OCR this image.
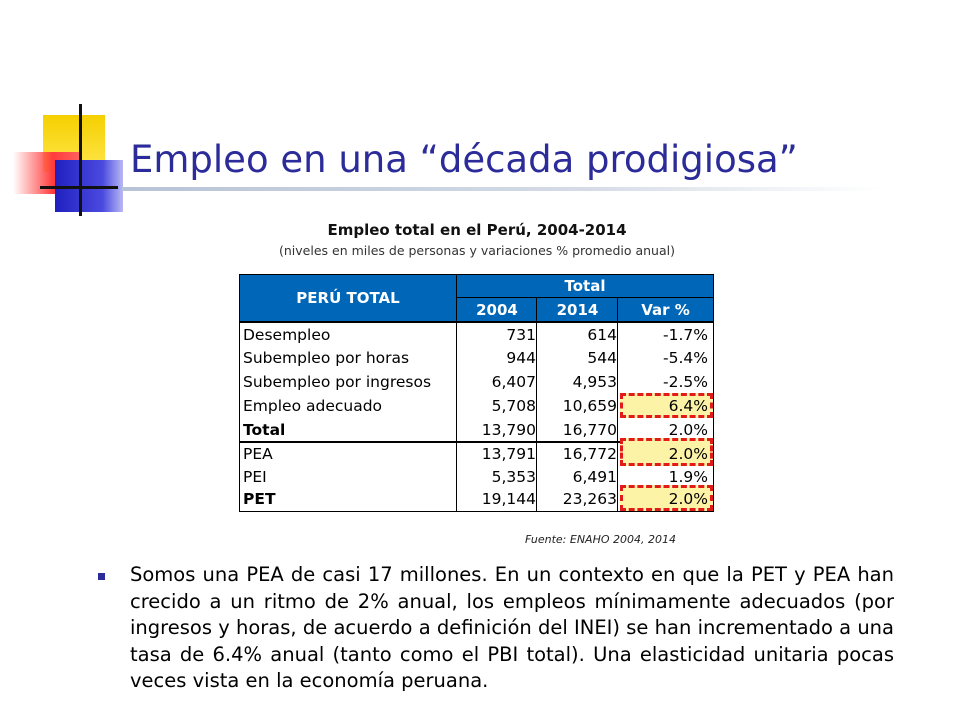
Empleo en una “década prodigiosa”
Empleo total en el Perú, 2004-2014
(niveles en miles de personas y variaciones % promedio anual)
PERÚ TOTAL
Total
2004	2014	Var %
Desempleo	731	614	-1.7%
Subempleo por horas	944	544	-5.4%
Subempleo por ingresos	6,407	4,953	-2.5%
Empleo adecuado	5,708	10,659	6.4%
Total	13,790	16,770	2.0%
PEA	13,791	16,772	2.0%
PEI	5,353	6,491	1.9%
PET	19,144	23,263	2.0%
Fuente: ENAHO 2004, 2014
Somos una PEA de casi 17 millones. En un contexto en que la PET y PEA han crecido a un ritmo de 2% anual, los empleos mínimamente adecuados (por ingresos y horas, de acuerdo a definición del INEI) se han incrementado a una tasa de 6.4% anual (tanto como el PBI total). Una elasticidad unitaria pocas veces vista en la economía peruana.
